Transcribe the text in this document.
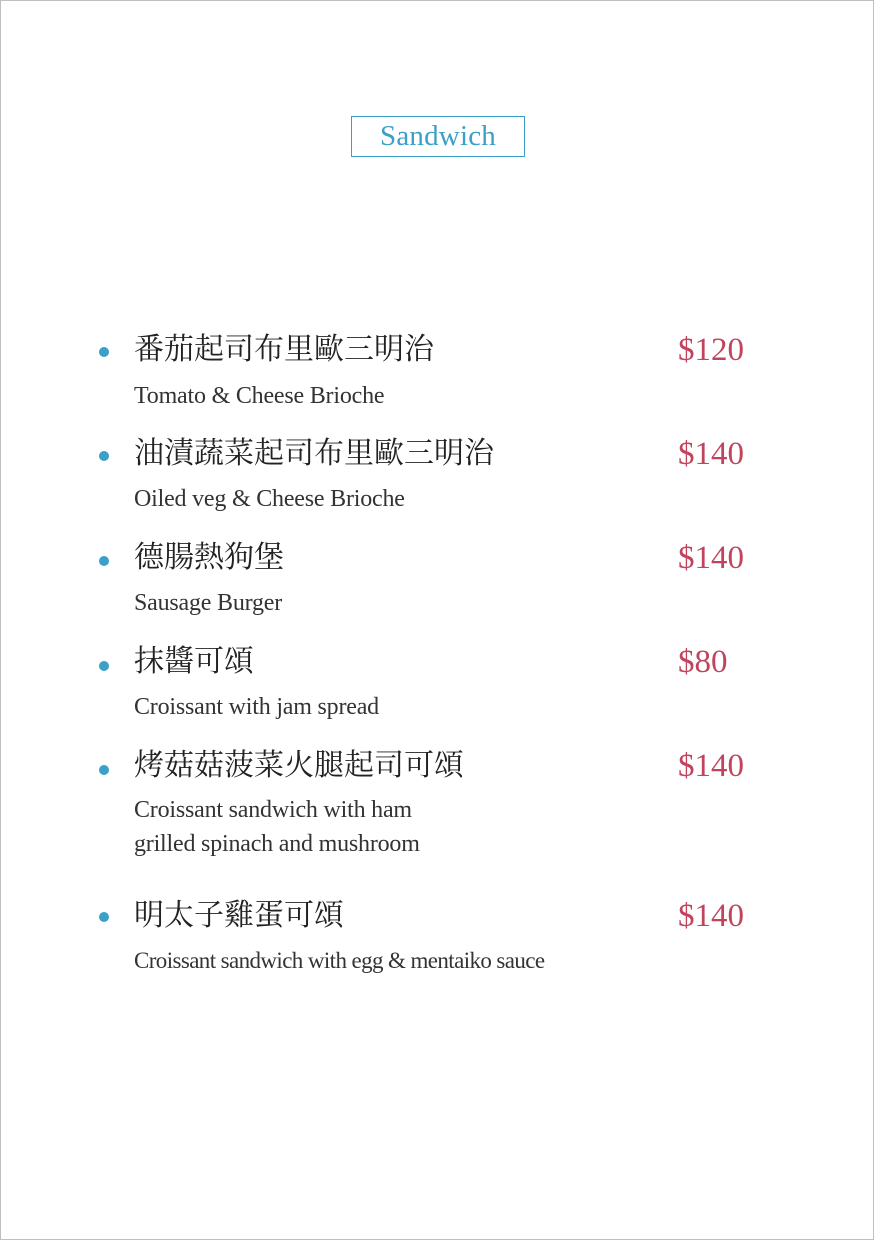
Sandwich
番茄起司布里歐三明治	$120
Tomato & Cheese Brioche
油漬蔬菜起司布里歐三明治	$140
Oiled veg & Cheese Brioche
德腸熱狗堡	$140
Sausage Burger
抹醬可頌	$80
Croissant with jam spread
烤菇菇菠菜火腿起司可頌	$140
Croissant sandwich with ham
grilled spinach and mushroom
明太子雞蛋可頌	$140
Croissant sandwich with egg & mentaiko sauce
